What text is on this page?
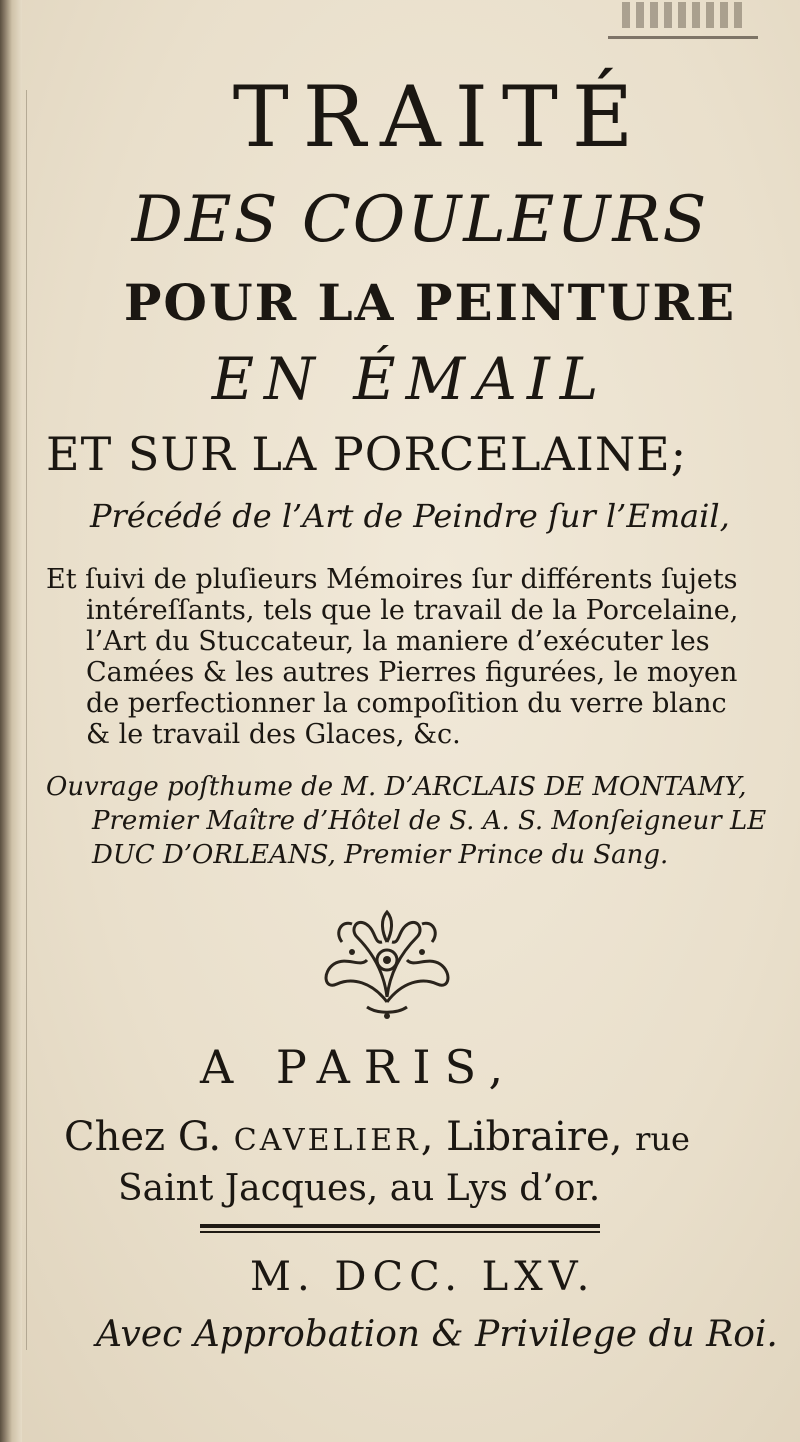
TRAITÉ
DES COULEURS
POUR LA PEINTURE
EN ÉMAIL
ET SUR LA PORCELAINE;
Précédé de l’Art de Peindre ſur l’Email,
Et ſuivi de pluſieurs Mémoires ſur différents ſujets
intéreſſants, tels que le travail de la Porcelaine,
l’Art du Stuccateur, la maniere d’exécuter les
Camées & les autres Pierres figurées, le moyen
de perfectionner la compoſition du verre blanc
& le travail des Glaces, &c.
Ouvrage poſthume de M. D’ARCLAIS DE MONTAMY,
Premier Maître d’Hôtel de S. A. S. Monſeigneur LE
DUC D’ORLEANS, Premier Prince du Sang.
A PARIS,
Chez G. CAVELIER, Libraire, rue
Saint Jacques, au Lys d’or.
M. DCC. LXV.
Avec Approbation & Privilege du Roi.
